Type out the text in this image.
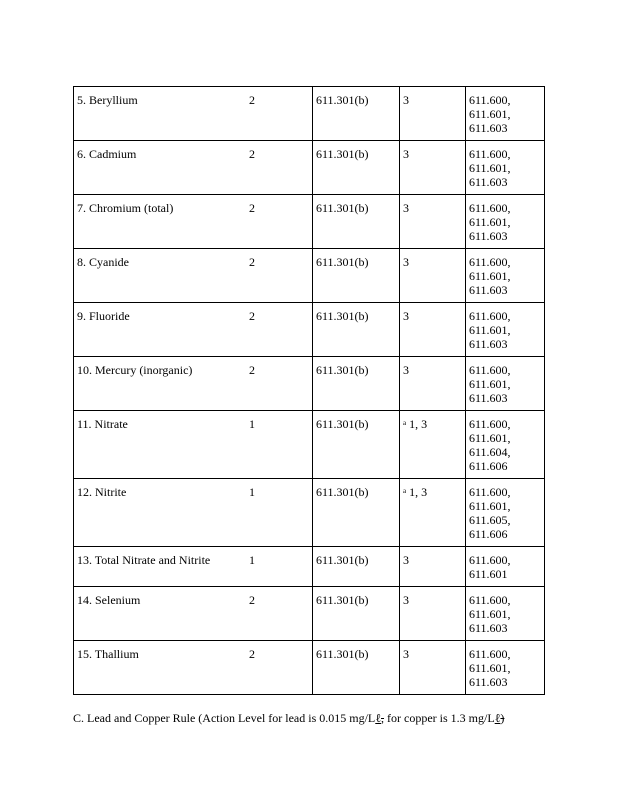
5. Beryllium	2	611.301(b)	3	611.600,
611.601,
611.603

6. Cadmium	2	611.301(b)	3	611.600,
611.601,
611.603

7. Chromium (total)	2	611.301(b)	3	611.600,
611.601,
611.603

8. Cyanide	2	611.301(b)	3	611.600,
611.601,
611.603

9. Fluoride	2	611.301(b)	3	611.600,
611.601,
611.603

10. Mercury (inorganic)	2	611.301(b)	3	611.600,
611.601,
611.603

11. Nitrate	1	611.301(b)	$^a$ 1, 3	611.600,
611.601,
611.604,
611.606

12. Nitrite	1	611.301(b)	$^a$ 1, 3	611.600,
611.601,
611.605,
611.606

13. Total Nitrate and Nitrite	1	611.301(b)	3	611.600,
611.601

14. Selenium	2	611.301(b)	3	611.600,
611.601,
611.603

15. Thallium	2	611.301(b)	3	611.600,
611.601,
611.603
C. Lead and Copper Rule (Action Level for lead is 0.015 mg/Lℓ, for copper is 1.3 mg/Lℓ)
